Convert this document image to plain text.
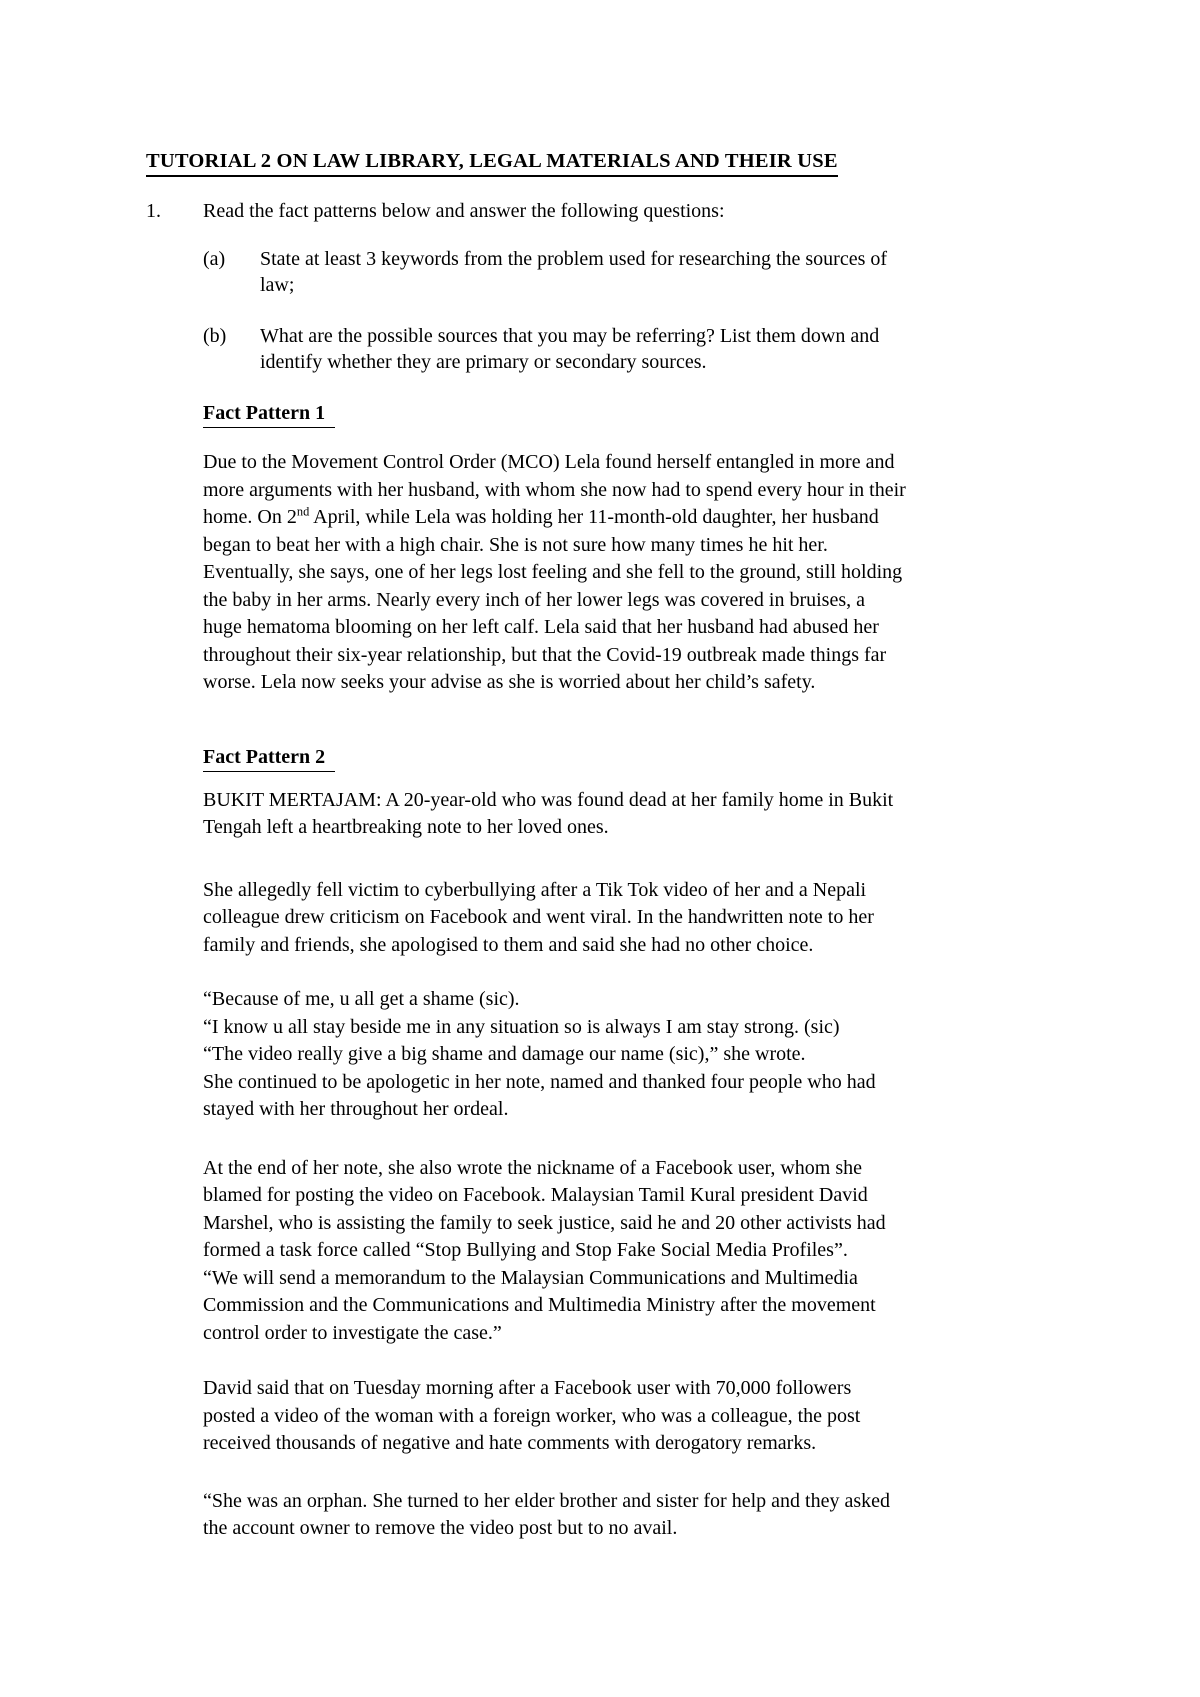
TUTORIAL 2 ON LAW LIBRARY, LEGAL MATERIALS AND THEIR USE
1.	Read the fact patterns below and answer the following questions:
(a)	State at least 3 keywords from the problem used for researching the sources of
law;
(b)	What are the possible sources that you may be referring? List them down and
identify whether they are primary or secondary sources.
Fact Pattern 1

Due to the Movement Control Order (MCO) Lela found herself entangled in more and
more arguments with her husband, with whom she now had to spend every hour in their
home. On 2nd April, while Lela was holding her 11-month-old daughter, her husband
began to beat her with a high chair. She is not sure how many times he hit her.
Eventually, she says, one of her legs lost feeling and she fell to the ground, still holding
the baby in her arms. Nearly every inch of her lower legs was covered in bruises, a
huge hematoma blooming on her left calf. Lela said that her husband had abused her
throughout their six-year relationship, but that the Covid-19 outbreak made things far
worse. Lela now seeks your advise as she is worried about her child’s safety.

Fact Pattern 2

BUKIT MERTAJAM: A 20-year-old who was found dead at her family home in Bukit
Tengah left a heartbreaking note to her loved ones.

She allegedly fell victim to cyberbullying after a Tik Tok video of her and a Nepali
colleague drew criticism on Facebook and went viral. In the handwritten note to her
family and friends, she apologised to them and said she had no other choice.

“Because of me, u all get a shame (sic).
“I know u all stay beside me in any situation so is always I am stay strong. (sic)
“The video really give a big shame and damage our name (sic),” she wrote.
She continued to be apologetic in her note, named and thanked four people who had
stayed with her throughout her ordeal.

At the end of her note, she also wrote the nickname of a Facebook user, whom she
blamed for posting the video on Facebook. Malaysian Tamil Kural president David
Marshel, who is assisting the family to seek justice, said he and 20 other activists had
formed a task force called “Stop Bullying and Stop Fake Social Media Profiles”.
“We will send a memorandum to the Malaysian Communications and Multimedia
Commission and the Communications and Multimedia Ministry after the movement
control order to investigate the case.”

David said that on Tuesday morning after a Facebook user with 70,000 followers
posted a video of the woman with a foreign worker, who was a colleague, the post
received thousands of negative and hate comments with derogatory remarks.

“She was an orphan. She turned to her elder brother and sister for help and they asked
the account owner to remove the video post but to no avail.
